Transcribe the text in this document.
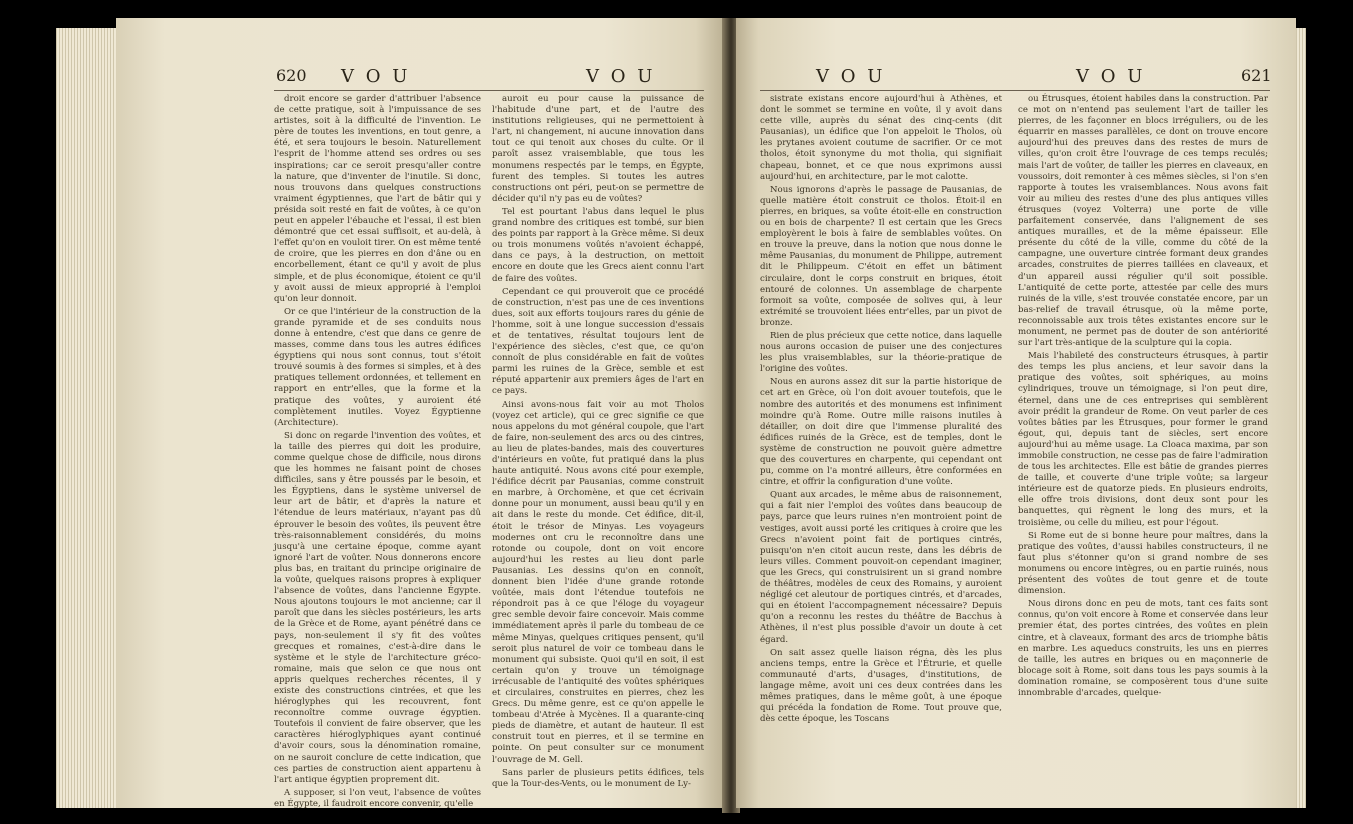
620 V O U	V O U

droit encore se garder d'attribuer l'absence de cette pratique, soit à l'impuissance de ses artistes, soit à la difficulté de l'invention. Le père de toutes les inventions, en tout genre, a été, et sera toujours le besoin. Naturellement l'esprit de l'homme attend ses ordres ou ses inspirations; car ce seroit presqu'aller contre la nature, que d'inventer de l'inutile. Si donc, nous trouvons dans quelques constructions vraiment égyptiennes, que l'art de bâtir qui y présida soit resté en fait de voûtes, à ce qu'on peut en appeler l'ébauche et l'essai, il est bien démontré que cet essai suffisoit, et au-delà, à l'effet qu'on en vouloit tirer. On est même tenté de croire, que les pierres en don d'âne ou en encorbellement, étant ce qu'il y avoit de plus simple, et de plus économique, étoient ce qu'il y avoit aussi de mieux approprié à l'emploi qu'on leur donnoit.

Or ce que l'intérieur de la construction de la grande pyramide et de ses conduits nous donne à entendre, c'est que dans ce genre de masses, comme dans tous les autres édifices égyptiens qui nous sont connus, tout s'étoit trouvé soumis à des formes si simples, et à des pratiques tellement ordonnées, et tellement en rapport en entr'elles, que la forme et la pratique des voûtes, y auroient été complètement inutiles. Voyez Égyptienne (Architecture).

Si donc on regarde l'invention des voûtes, et la taille des pierres qui doit les produire, comme quelque chose de difficile, nous dirons que les hommes ne faisant point de choses difficiles, sans y être poussés par le besoin, et les Égyptiens, dans le système universel de leur art de bâtir, et d'après la nature et l'étendue de leurs matériaux, n'ayant pas dû éprouver le besoin des voûtes, ils peuvent être très-raisonnablement considérés, du moins jusqu'à une certaine époque, comme ayant ignoré l'art de voûter. Nous donnerons encore plus bas, en traitant du principe originaire de la voûte, quelques raisons propres à expliquer l'absence de voûtes, dans l'ancienne Égypte. Nous ajoutons toujours le mot ancienne; car il paroît que dans les siècles postérieurs, les arts de la Grèce et de Rome, ayant pénétré dans ce pays, non-seulement il s'y fit des voûtes grecques et romaines, c'est-à-dire dans le système et le style de l'architecture gréco-romaine, mais que selon ce que nous ont appris quelques recherches récentes, il y existe des constructions cintrées, et que les hiéroglyphes qui les recouvrent, font reconnoître comme ouvrage égyptien. Toutefois il convient de faire observer, que les caractères hiéroglyphiques ayant continué d'avoir cours, sous la dénomination romaine, on ne sauroit conclure de cette indication, que ces parties de construction aient appartenu à l'art antique égyptien proprement dit.

A supposer, si l'on veut, l'absence de voûtes en Égypte, il faudroit encore convenir, qu'elle

auroit eu pour cause la puissance de l'habitude d'une part, et de l'autre des institutions religieuses, qui ne permettoient à l'art, ni changement, ni aucune innovation dans tout ce qui tenoit aux choses du culte. Or il paroît assez vraisemblable, que tous les monumens respectés par le temps, en Égypte, furent des temples. Si toutes les autres constructions ont péri, peut-on se permettre de décider qu'il n'y pas eu de voûtes?

Tel est pourtant l'abus dans lequel le plus grand nombre des critiques est tombé, sur bien des points par rapport à la Grèce même. Si deux ou trois monumens voûtés n'avoient échappé, dans ce pays, à la destruction, on mettoit encore en doute que les Grecs aient connu l'art de faire des voûtes.

Cependant ce qui prouveroit que ce procédé de construction, n'est pas une de ces inventions dues, soit aux efforts toujours rares du génie de l'homme, soit à une longue succession d'essais et de tentatives, résultat toujours lent de l'expérience des siècles, c'est que, ce qu'on connoît de plus considérable en fait de voûtes parmi les ruines de la Grèce, semble et est réputé appartenir aux premiers âges de l'art en ce pays.

Ainsi avons-nous fait voir au mot Tholos (voyez cet article), qui ce grec signifie ce que nous appelons du mot général coupole, que l'art de faire, non-seulement des arcs ou des cintres, au lieu de plates-bandes, mais des couvertures d'intérieurs en voûte, fut pratiqué dans la plus haute antiquité. Nous avons cité pour exemple, l'édifice décrit par Pausanias, comme construit en marbre, à Orchomène, et que cet écrivain donne pour un monument, aussi beau qu'il y en ait dans le reste du monde. Cet édifice, dit-il, étoit le trésor de Minyas. Les voyageurs modernes ont cru le reconnoître dans une rotonde ou coupole, dont on voit encore aujourd'hui les restes au lieu dont parle Pausanias. Les dessins qu'on en connoît, donnent bien l'idée d'une grande rotonde voûtée, mais dont l'étendue toutefois ne répondroit pas à ce que l'éloge du voyageur grec semble devoir faire concevoir. Mais comme immédiatement après il parle du tombeau de ce même Minyas, quelques critiques pensent, qu'il seroit plus naturel de voir ce tombeau dans le monument qui subsiste. Quoi qu'il en soit, il est certain qu'on y trouve un témoignage irrécusable de l'antiquité des voûtes sphériques et circulaires, construites en pierres, chez les Grecs. Du même genre, est ce qu'on appelle le tombeau d'Atrée à Mycènes. Il a quarante-cinq pieds de diamètre, et autant de hauteur. Il est construit tout en pierres, et il se termine en pointe. On peut consulter sur ce monument l'ouvrage de M. Gell.

Sans parler de plusieurs petits édifices, tels que la Tour-des-Vents, ou le monument de Ly-

V O U	V O U	621

sistrate existans encore aujourd'hui à Athènes, et dont le sommet se termine en voûte, il y avoit dans cette ville, auprès du sénat des cinq-cents (dit Pausanias), un édifice que l'on appeloit le Tholos, où les prytanes avoient coutume de sacrifier. Or ce mot tholos, étoit synonyme du mot tholia, qui signifiait chapeau, bonnet, et ce que nous exprimons aussi aujourd'hui, en architecture, par le mot calotte.

Nous ignorons d'après le passage de Pausanias, de quelle matière étoit construit ce tholos. Étoit-il en pierres, en briques, sa voûte étoit-elle en construction ou en bois de charpente? Il est certain que les Grecs employèrent le bois à faire de semblables voûtes. On en trouve la preuve, dans la notion que nous donne le même Pausanias, du monument de Philippe, autrement dit le Philippeum. C'étoit en effet un bâtiment circulaire, dont le corps construit en briques, étoit entouré de colonnes. Un assemblage de charpente formoit sa voûte, composée de solives qui, à leur extrémité se trouvoient liées entr'elles, par un pivot de bronze.

Rien de plus précieux que cette notice, dans laquelle nous aurons occasion de puiser une des conjectures les plus vraisemblables, sur la théorie-pratique de l'origine des voûtes.

Nous en aurons assez dit sur la partie historique de cet art en Grèce, où l'on doit avouer toutefois, que le nombre des autorités et des monumens est infiniment moindre qu'à Rome. Outre mille raisons inutiles à détailler, on doit dire que l'immense pluralité des édifices ruinés de la Grèce, est de temples, dont le système de construction ne pouvoit guère admettre que des couvertures en charpente, qui cependant ont pu, comme on l'a montré ailleurs, être conformées en cintre, et offrir la configuration d'une voûte.

Quant aux arcades, le même abus de raisonnement, qui a fait nier l'emploi des voûtes dans beaucoup de pays, parce que leurs ruines n'en montroient point de vestiges, avoit aussi porté les critiques à croire que les Grecs n'avoient point fait de portiques cintrés, puisqu'on n'en citoit aucun reste, dans les débris de leurs villes. Comment pouvoit-on cependant imaginer, que les Grecs, qui construisirent un si grand nombre de théâtres, modèles de ceux des Romains, y auroient négligé cet aleutour de portiques cintrés, et d'arcades, qui en étoient l'accompagnement nécessaire? Depuis qu'on a reconnu les restes du théâtre de Bacchus à Athènes, il n'est plus possible d'avoir un doute à cet égard.

On sait assez quelle liaison régna, dès les plus anciens temps, entre la Grèce et l'Étrurie, et quelle communauté d'arts, d'usages, d'institutions, de langage même, avoit uni ces deux contrées dans les mêmes pratiques, dans le même goût, à une époque qui précéda la fondation de Rome. Tout prouve que, dès cette époque, les Toscans

ou Étrusques, étoient habiles dans la construction. Par ce mot on n'entend pas seulement l'art de tailler les pierres, de les façonner en blocs irréguliers, ou de les équarrir en masses parallèles, ce dont on trouve encore aujourd'hui des preuves dans des restes de murs de villes, qu'on croit être l'ouvrage de ces temps reculés; mais l'art de voûter, de tailler les pierres en claveaux, en voussoirs, doit remonter à ces mêmes siècles, si l'on s'en rapporte à toutes les vraisemblances. Nous avons fait voir au milieu des restes d'une des plus antiques villes étrusques (voyez Volterra) une porte de ville parfaitement conservée, dans l'alignement de ses antiques murailles, et de la même épaisseur. Elle présente du côté de la ville, comme du côté de la campagne, une ouverture cintrée formant deux grandes arcades, construites de pierres taillées en claveaux, et d'un appareil aussi régulier qu'il soit possible. L'antiquité de cette porte, attestée par celle des murs ruinés de la ville, s'est trouvée constatée encore, par un bas-relief de travail étrusque, où la même porte, reconnoissable aux trois têtes existantes encore sur le monument, ne permet pas de douter de son antériorité sur l'art très-antique de la sculpture qui la copia.

Mais l'habileté des constructeurs étrusques, à partir des temps les plus anciens, et leur savoir dans la pratique des voûtes, soit sphériques, au moins cylindriques, trouve un témoignage, si l'on peut dire, éternel, dans une de ces entreprises qui semblèrent avoir prédit la grandeur de Rome. On veut parler de ces voûtes bâties par les Étrusques, pour former le grand égout, qui, depuis tant de siècles, sert encore aujourd'hui au même usage. La Cloaca maxima, par son immobile construction, ne cesse pas de faire l'admiration de tous les architectes. Elle est bâtie de grandes pierres de taille, et couverte d'une triple voûte; sa largeur intérieure est de quatorze pieds. En plusieurs endroits, elle offre trois divisions, dont deux sont pour les banquettes, qui règnent le long des murs, et la troisième, ou celle du milieu, est pour l'égout.

Si Rome eut de si bonne heure pour maîtres, dans la pratique des voûtes, d'aussi habiles constructeurs, il ne faut plus s'étonner qu'on si grand nombre de ses monumens ou encore intègres, ou en partie ruinés, nous présentent des voûtes de tout genre et de toute dimension.

Nous dirons donc en peu de mots, tant ces faits sont connus, qu'on voit encore à Rome et conservée dans leur premier état, des portes cintrées, des voûtes en plein cintre, et à claveaux, formant des arcs de triomphe bâtis en marbre. Les aqueducs construits, les uns en pierres de taille, les autres en briques ou en maçonnerie de blocage soit à Rome, soit dans tous les pays soumis à la domination romaine, se composèrent tous d'une suite innombrable d'arcades, quelque-
